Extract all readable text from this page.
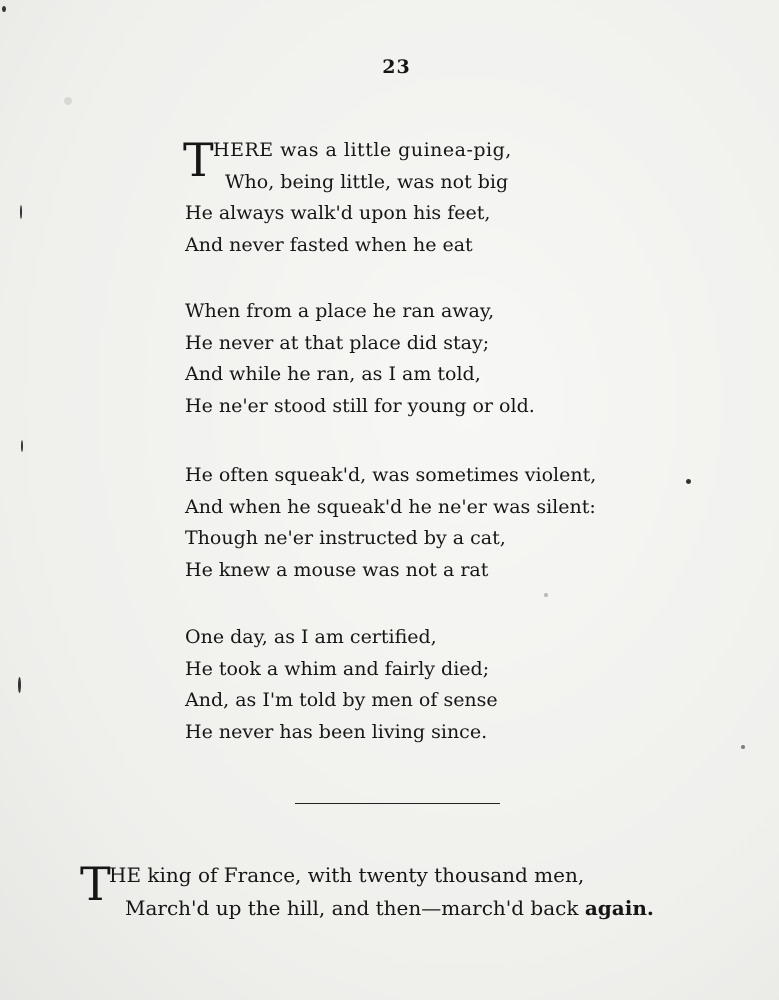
23
T HERE was a little guinea-pig,
Who, being little, was not big
He always walk'd upon his feet,
And never fasted when he eat
When from a place he ran away,
He never at that place did stay;
And while he ran, as I am told,
He ne'er stood still for young or old.
He often squeak'd, was sometimes violent,
And when he squeak'd he ne'er was silent:
Though ne'er instructed by a cat,
He knew a mouse was not a rat
One day, as I am certified,
He took a whim and fairly died;
And, as I'm told by men of sense
He never has been living since.
T
HE king of France, with twenty thousand men,
March'd up the hill, and then—march'd back again.
